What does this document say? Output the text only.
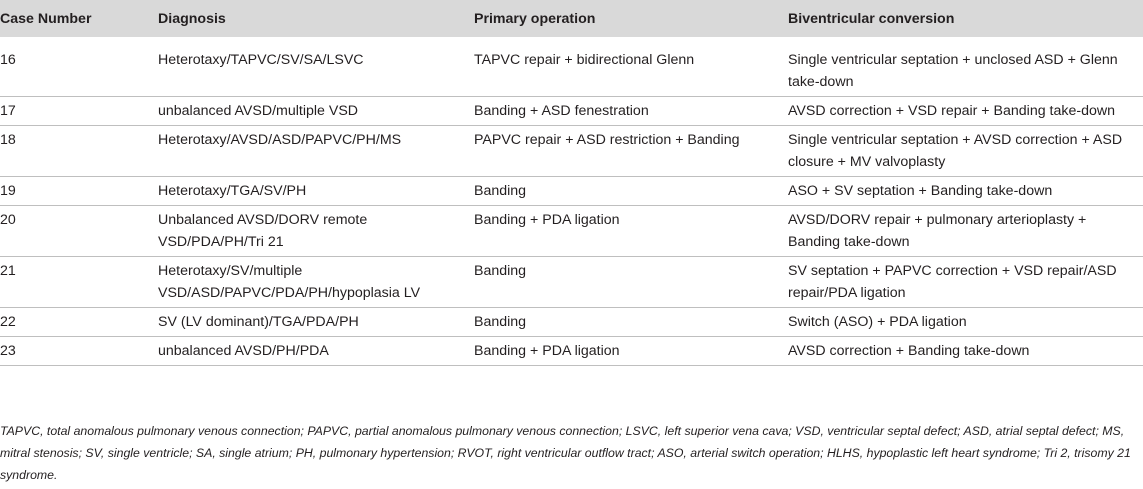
Case Number	Diagnosis	Primary operation	Biventricular conversion
16	Heterotaxy/TAPVC/SV/SA/LSVC	TAPVC repair + bidirectional Glenn	Single ventricular septation + unclosed ASD + Glenn take-down
17	unbalanced AVSD/multiple VSD	Banding + ASD fenestration	AVSD correction + VSD repair + Banding take-down
18	Heterotaxy/AVSD/ASD/PAPVC/PH/MS	PAPVC repair + ASD restriction + Banding	Single ventricular septation + AVSD correction + ASD closure + MV valvoplasty
19	Heterotaxy/TGA/SV/PH	Banding	ASO + SV septation + Banding take-down
20	Unbalanced AVSD/DORV remote VSD/PDA/PH/Tri 21	Banding + PDA ligation	AVSD/DORV repair + pulmonary arterioplasty + Banding take-down
21	Heterotaxy/SV/multiple VSD/ASD/PAPVC/PDA/PH/hypoplasia LV	Banding	SV septation + PAPVC correction + VSD repair/ASD repair/PDA ligation
22	SV (LV dominant)/TGA/PDA/PH	Banding	Switch (ASO) + PDA ligation
23	unbalanced AVSD/PH/PDA	Banding + PDA ligation	AVSD correction + Banding take-down

TAPVC, total anomalous pulmonary venous connection; PAPVC, partial anomalous pulmonary venous connection; LSVC, left superior vena cava; VSD, ventricular septal defect; ASD, atrial septal defect; MS, mitral stenosis; SV, single ventricle; SA, single atrium; PH, pulmonary hypertension; RVOT, right ventricular outflow tract; ASO, arterial switch operation; HLHS, hypoplastic left heart syndrome; Tri 2, trisomy 21 syndrome.
